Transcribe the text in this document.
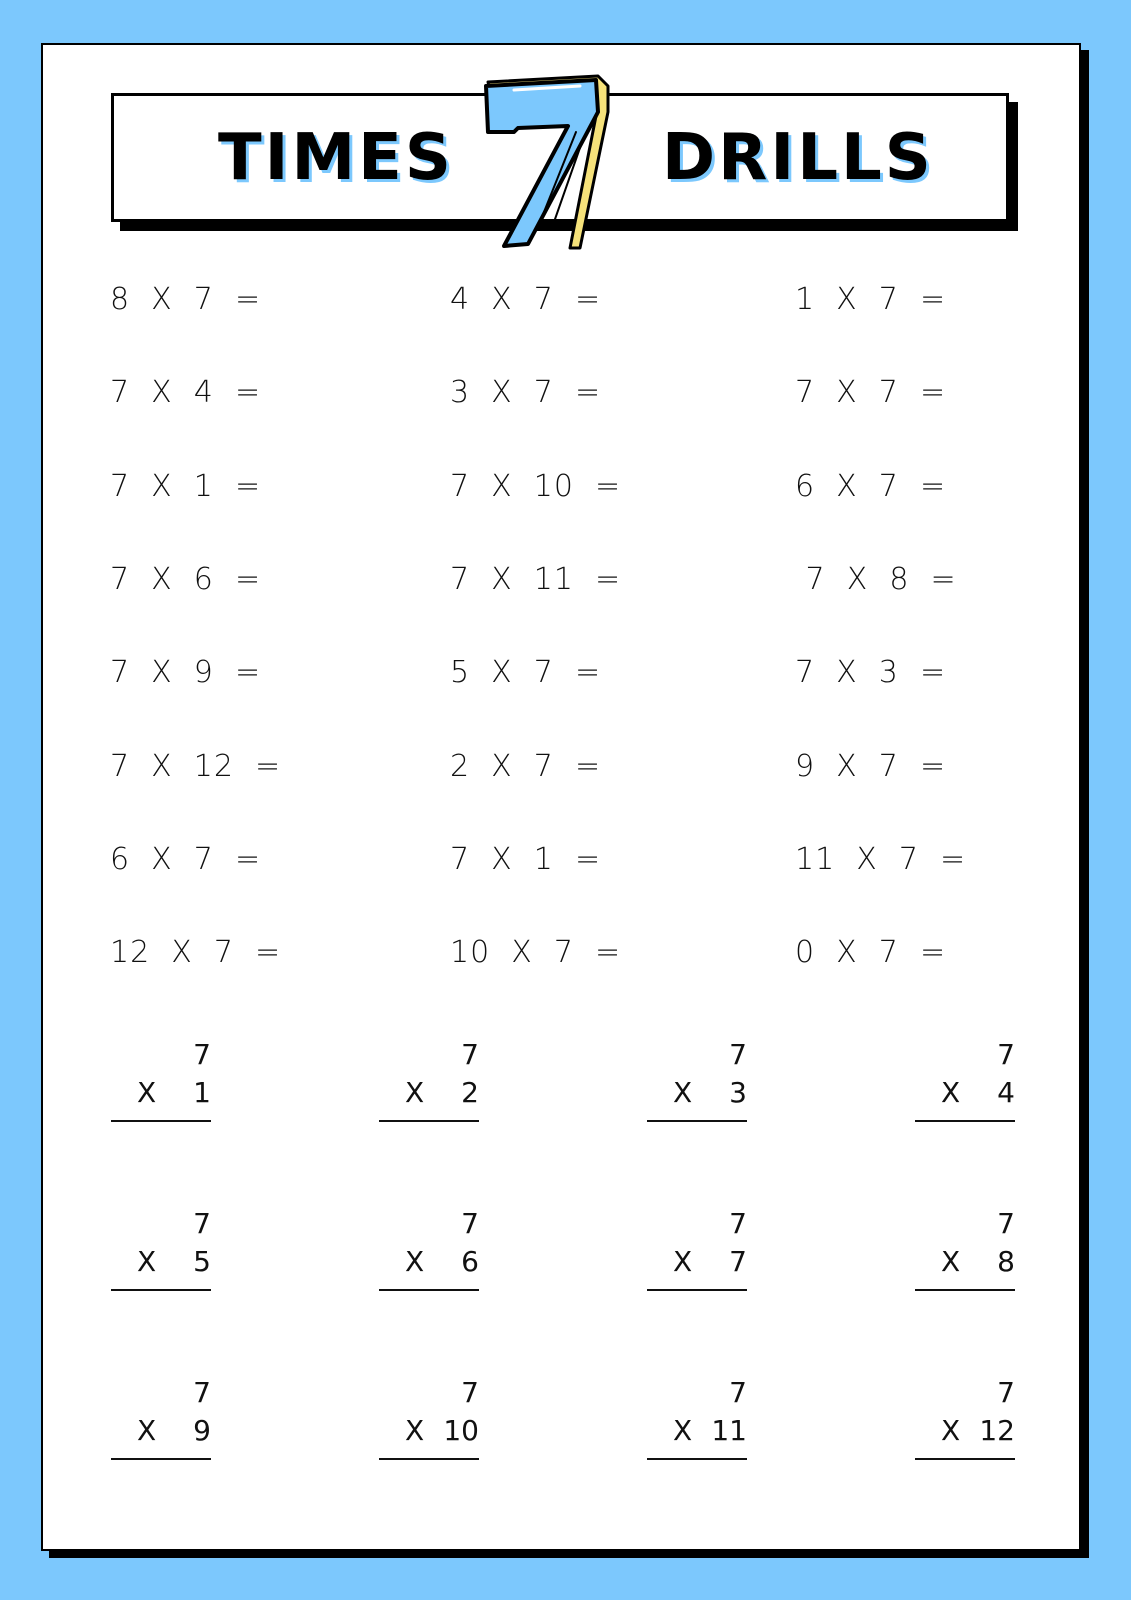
TIMES	DRILLS
8  X  7  =	4  X  7  =	1  X  7  =
7  X  4  =	3  X  7  =	7  X  7  =
7  X  1  =	7  X  10  =	6  X  7  =
7  X  6  =	7  X  11  =	7  X  8  =
7  X  9  =	5  X  7  =	7  X  3  =
7  X  12  =	2  X  7  =	9  X  7  =
6  X  7  =	7  X  1  =	11  X  7  =
12  X  7  =	10  X  7  =	0  X  7  =
7
X 1
7
X 2
7
X 3
7
X 4
7
X 5
7
X 6
7
X 7
7
X 8
7
X 9
7
X 10
7
X 11
7
X 12
